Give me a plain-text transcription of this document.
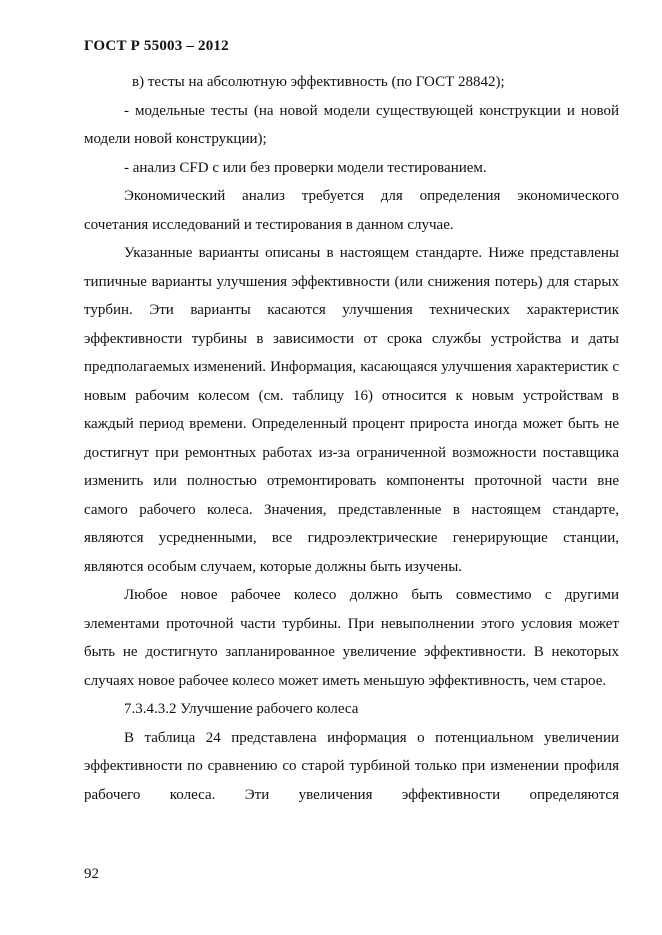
ГОСТ Р 55003 – 2012

в) тесты на абсолютную эффективность (по ГОСТ 28842);

- модельные тесты (на новой модели существующей конструкции и новой модели новой конструкции);

- анализ CFD с или без проверки модели тестированием.

Экономический анализ требуется для определения экономического сочетания исследований и тестирования в данном случае.

Указанные варианты описаны в настоящем стандарте. Ниже представлены типичные варианты улучшения эффективности (или снижения потерь) для старых турбин. Эти варианты касаются улучшения технических характеристик эффективности турбины в зависимости от срока службы устройства и даты предполагаемых изменений. Информация, касающаяся улучшения характеристик с новым рабочим колесом (см. таблицу 16) относится к новым устройствам в каждый период времени. Определенный процент прироста иногда может быть не достигнут при ремонтных работах из-за ограниченной возможности поставщика изменить или полностью отремонтировать компоненты проточной части вне самого рабочего колеса. Значения, представленные в настоящем стандарте, являются усредненными, все гидроэлектрические генерирующие станции, являются особым случаем, которые должны быть изучены.

Любое новое рабочее колесо должно быть совместимо с другими элементами проточной части турбины. При невыполнении этого условия может быть не достигнуто запланированное увеличение эффективности. В некоторых случаях новое рабочее колесо может иметь меньшую эффективность, чем старое.

7.3.4.3.2 Улучшение рабочего колеса

В таблица 24 представлена информация о потенциальном увеличении эффективности по сравнению со старой турбиной только при изменении профиля рабочего колеса. Эти увеличения эффективности определяются

92
